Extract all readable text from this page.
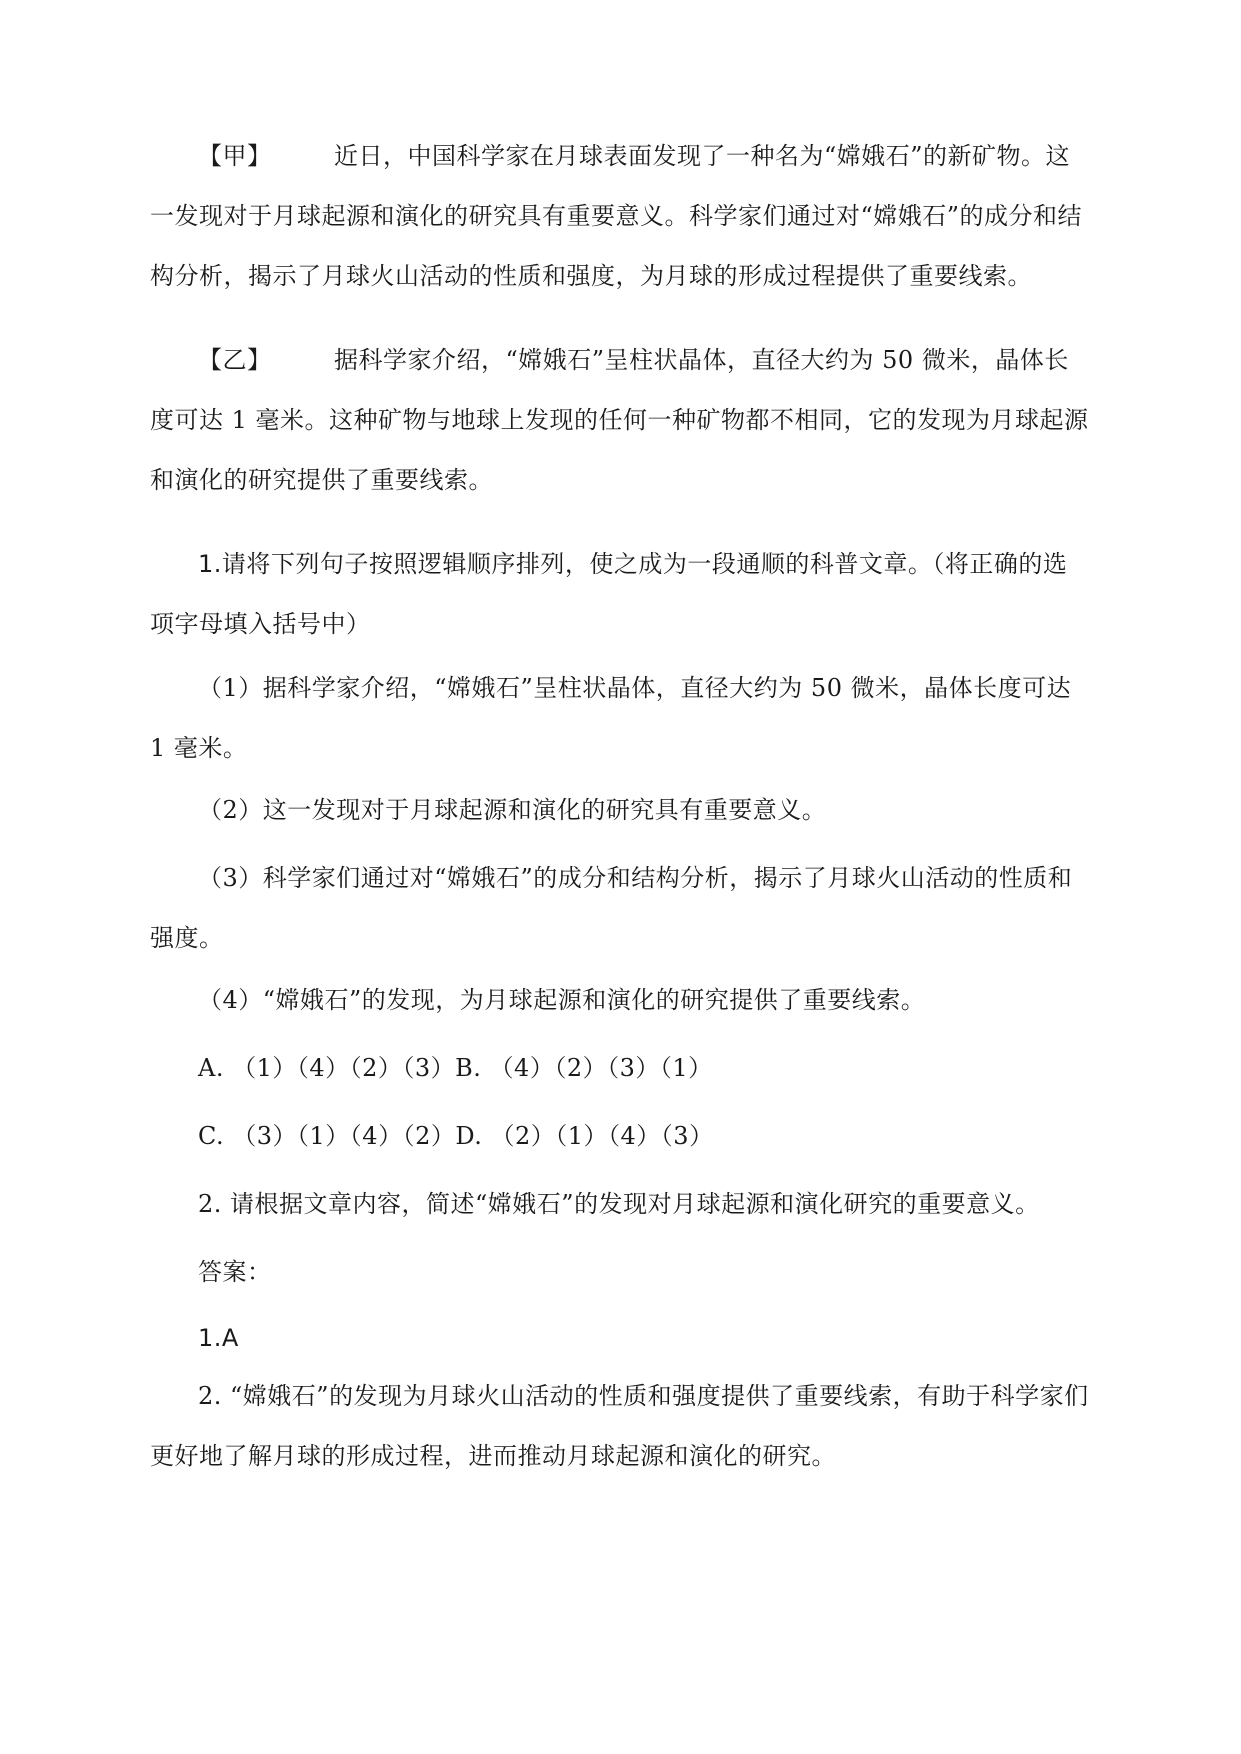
【甲】	近日，中国科学家在月球表面发现了一种名为“嫦娥石”的新矿物。这一发现对于月球起源和演化的研究具有重要意义。科学家们通过对“嫦娥石”的成分和结构分析，揭示了月球火山活动的性质和强度，为月球的形成过程提供了重要线索。

【乙】	据科学家介绍，“嫦娥石”呈柱状晶体，直径大约为 50 微米，晶体长度可达 1 毫米。这种矿物与地球上发现的任何一种矿物都不相同，它的发现为月球起源和演化的研究提供了重要线索。

1.请将下列句子按照逻辑顺序排列，使之成为一段通顺的科普文章。（将正确的选项字母填入括号中）

（1）据科学家介绍，“嫦娥石”呈柱状晶体，直径大约为 50 微米，晶体长度可达 1 毫米。

（2）这一发现对于月球起源和演化的研究具有重要意义。

（3）科学家们通过对“嫦娥石”的成分和结构分析，揭示了月球火山活动的性质和强度。

（4）“嫦娥石”的发现，为月球起源和演化的研究提供了重要线索。

A. （1）（4）（2）（3）B. （4）（2）（3）（1）

C. （3）（1）（4）（2）D. （2）（1）（4）（3）

2. 请根据文章内容，简述“嫦娥石”的发现对月球起源和演化研究的重要意义。

答案：

1.A

2. “嫦娥石”的发现为月球火山活动的性质和强度提供了重要线索，有助于科学家们更好地了解月球的形成过程，进而推动月球起源和演化的研究。
